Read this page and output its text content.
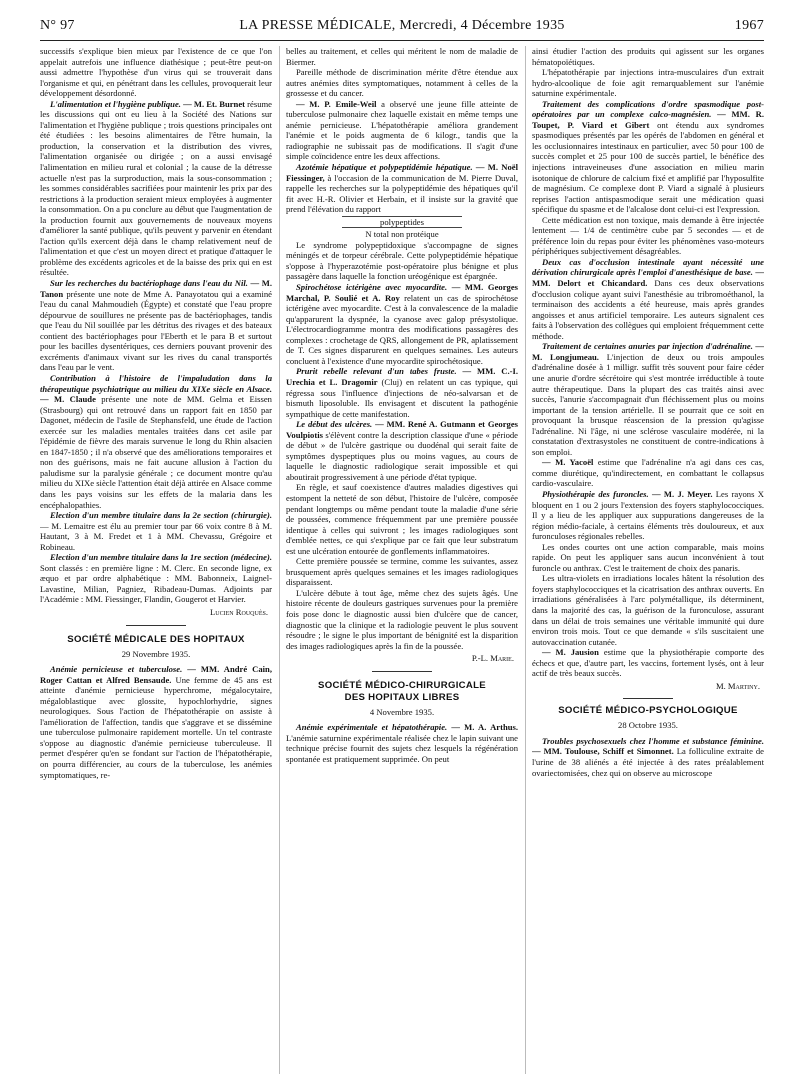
N° 97	LA PRESSE MÉDICALE, Mercredi, 4 Décembre 1935	1967

successifs s'explique bien mieux par l'existence de ce que l'on appelait autrefois une influence diathésique ; peut-être peut-on aussi admettre l'hypothèse d'un virus qui se trouverait dans l'organisme et qui, en pénétrant dans les cellules, provoquerait leur développement désordonné.

L'alimentation et l'hygiène publique. — M. Et. Burnet résume les discussions qui ont eu lieu à la Société des Nations sur l'alimentation et l'hygiène publique ; trois questions principales ont été étudiées : les besoins alimentaires de l'être humain, la production, la conservation et la distribution des vivres, l'alimentation organisée ou dirigée ; on a aussi envisagé l'alimentation en milieu rural et colonial ; la cause de la détresse actuelle n'est pas la surproduction, mais la sous-consommation ; les sommes considérables sacrifiées pour maintenir les prix par des restrictions à la production seraient mieux employées à augmenter la consommation. On a pu conclure au début que l'augmentation de la production fournit aux gouvernements de nouveaux moyens d'améliorer la santé publique, qu'ils peuvent y parvenir en étendant l'action qu'ils exercent déjà dans le champ relativement neuf de l'alimentation et que c'est un moyen direct et pratique d'attaquer le problème des excédents agricoles et de la baisse des prix qui en est résultée.

Sur les recherches du bactériophage dans l'eau du Nil. — M. Tanon présente une note de Mme A. Panayotatou qui a examiné l'eau du canal Mahmoudieh (Égypte) et constaté que l'eau propre dépourvue de souillures ne présente pas de bactériophages, tandis que l'eau du Nil souillée par les détritus des rivages et des bateaux contient des bactériophages pour l'Eberth et le para B et surtout pour les bacilles dysentériques, ces derniers pouvant provenir des excréments d'animaux vivant sur les rives du canal transportés dans l'eau par le vent.

Contribution à l'histoire de l'impaludation dans la thérapeutique psychiatrique au milieu du XIXe siècle en Alsace. — M. Claude présente une note de MM. Gelma et Eissen (Strasbourg) qui ont retrouvé dans un rapport fait en 1850 par Dagonet, médecin de l'asile de Stephansfeld, une étude de l'action exercée sur les maladies mentales traitées dans cet asile par l'épidémie de fièvre des marais survenue le long du Rhin alsacien en 1847-1850 ; il n'a observé que des améliorations temporaires et non des guérisons, mais ne fait aucune allusion à l'action du paludisme sur la paralysie générale ; ce document montre qu'au milieu du XIXe siècle l'attention était déjà attirée en Alsace comme dans les pays voisins sur les effets de la malaria dans les encéphalopathies.

Election d'un membre titulaire dans la 2e section (chirurgie). — M. Lemaitre est élu au premier tour par 66 voix contre 8 à M. Hautant, 3 à M. Fredet et 1 à MM. Chevassu, Grégoire et Robineau.

Election d'un membre titulaire dans la 1re section (médecine). Sont classés : en première ligne : M. Clerc. En seconde ligne, ex æquo et par ordre alphabétique : MM. Babonneix, Laignel-Lavastine, Milian, Pagniez, Ribadeau-Dumas. Adjoints par l'Académie : MM. Fiessinger, Flandin, Gougerot et Harvier.

Lucien Rouquès.

SOCIÉTÉ MÉDICALE DES HOPITAUX

29 Novembre 1935.

Anémie pernicieuse et tuberculose. — MM. André Cain, Roger Cattan et Alfred Bensaude. Une femme de 45 ans est atteinte d'anémie pernicieuse hyperchrome, mégalocytaire, mégaloblastique avec glossite, hypochlorhydrie, signes neurologiques. Sous l'action de l'hépatothérapie on assiste à l'amélioration de l'affection, tandis que s'aggrave et se dissémine une tuberculose pulmonaire rapidement mortelle. Un tel contraste s'oppose au diagnostic d'anémie pernicieuse tuberculeuse. Il permet d'espérer qu'en se fondant sur l'action de l'hépatothérapie, on pourra différencier, au cours de la tuberculose, les anémies symptomatiques, re-

belles au traitement, et celles qui méritent le nom de maladie de Biermer.

Pareille méthode de discrimination mérite d'être étendue aux autres anémies dites symptomatiques, notamment à celles de la grossesse et du cancer.

— M. P. Emile-Weil a observé une jeune fille atteinte de tuberculose pulmonaire chez laquelle existait en même temps une anémie pernicieuse. L'hépatothérapie améliora grandement l'anémie et le poids augmenta de 6 kilogr., tandis que la radiographie ne subissait pas de modifications. Il s'agit d'une simple coïncidence entre les deux affections.

Azotémie hépatique et polypeptidémie hépatique. — M. Noël Fiessinger, à l'occasion de la communication de M. Pierre Duval, rappelle les recherches sur la polypeptidémie des hépatiques qu'il fit avec H.-R. Olivier et Herbain, et il insiste sur la gravité que prend l'élévation du rapport

polypeptides

N total non protéique

Le syndrome polypeptidoxique s'accompagne de signes méningés et de torpeur cérébrale. Cette polypeptidémie hépatique s'oppose à l'hyperazotémie post-opératoire plus bénigne et plus passagère dans laquelle la fonction uréogénique est épargnée.

Spirochétose ictérigène avec myocardite. — MM. Georges Marchal, P. Soulié et A. Roy relatent un cas de spirochétose ictérigène avec myocardite. C'est à la convalescence de la maladie qu'apparurent la dyspnée, la cyanose avec galop présystolique. L'électrocardiogramme montra des modifications passagères des complexes : crochetage de QRS, allongement de PR, aplatissement de T. Ces signes disparurent en quelques semaines. Les auteurs concluent à l'existence d'une myocardite spirochétosique.

Prurit rebelle relevant d'un tabes fruste. — MM. C.-I. Urechia et L. Dragomir (Cluj) en relatent un cas typique, qui régressa sous l'influence d'injections de néo-salvarsan et de bismuth liposoluble. Ils envisagent et discutent la pathogénie sympathique de cette manifestation.

Le début des ulcères. — MM. René A. Gutmann et Georges Voulpiotis s'élèvent contre la description classique d'une « période de début » de l'ulcère gastrique ou duodénal qui serait faite de symptômes dyspeptiques plus ou moins vagues, au cours de laquelle le diagnostic radiologique serait impossible et qui aboutirait progressivement à une période d'état typique.

En règle, et sauf coexistence d'autres maladies digestives qui estompent la netteté de son début, l'histoire de l'ulcère, composée pendant longtemps ou même pendant toute la maladie d'une série de poussées, commence fréquemment par une première poussée identique à celles qui suivront ; les images radiologiques sont d'emblée nettes, ce qui s'explique par ce fait que leur substratum est une ulcération entourée de gonflements inflammatoires.

Cette première poussée se termine, comme les suivantes, assez brusquement après quelques semaines et les images radiologiques disparaissent.

L'ulcère débute à tout âge, même chez des sujets âgés. Une histoire récente de douleurs gastriques survenues pour la première fois pose donc le diagnostic aussi bien d'ulcère que de cancer, diagnostic que la clinique et la radiologie peuvent le plus souvent résoudre ; le signe le plus important de bénignité est la disparition des images radiologiques après la fin de la poussée.

P.-L. Marie.

SOCIÉTÉ MÉDICO-CHIRURGICALE

DES HOPITAUX LIBRES

4 Novembre 1935.

Anémie expérimentale et hépatothérapie. — M. A. Arthus. L'anémie saturnine expérimentale réalisée chez le lapin suivant une technique précise fournit des sujets chez lesquels la régénération spontanée est pratiquement supprimée. On peut

ainsi étudier l'action des produits qui agissent sur les organes hématopoïétiques.

L'hépatothérapie par injections intra-musculaires d'un extrait hydro-alcoolique de foie agit remarquablement sur l'anémie saturnine expérimentale.

Traitement des complications d'ordre spasmodique post-opératoires par un complexe calco-magnésien. — MM. R. Toupet, P. Viard et Gibert ont étendu aux syndromes spasmodiques présentés par les opérés de l'abdomen en général et les occlusionnaires intestinaux en particulier, avec 50 pour 100 de succès complet et 25 pour 100 de succès partiel, le bénéfice des injections intraveineuses d'une association en milieu marin isotonique de chlorure de calcium fixé et amplifié par l'hyposulfite de magnésium. Ce complexe dont P. Viard a signalé à plusieurs reprises l'action antispasmodique serait une médication quasi spécifique du spasme et de l'alcalose dont celui-ci est l'expression.

Cette médication est non toxique, mais demande à être injectée lentement — 1/4 de centimètre cube par 5 secondes — et de préférence loin du repas pour éviter les phénomènes vaso-moteurs périphériques subjectivement désagréables.

Deux cas d'occlusion intestinale ayant nécessité une dérivation chirurgicale après l'emploi d'anesthésique de base. — MM. Delort et Chicandard. Dans ces deux observations d'occlusion colique ayant suivi l'anesthésie au tribromoéthanol, la terminaison des accidents a été heureuse, mais après grandes angoisses et anus artificiel temporaire. Les auteurs signalent ces faits à l'observation des collègues qui emploient fréquemment cette méthode.

Traitement de certaines anuries par injection d'adrénaline. — M. Longjumeau. L'injection de deux ou trois ampoules d'adrénaline dosée à 1 milligr. suffit très souvent pour faire céder une anurie d'ordre sécrétoire qui s'est montrée irréductible à toute autre thérapeutique. Dans la plupart des cas traités ainsi avec succès, l'anurie s'accompagnait d'un fléchissement plus ou moins important de la tension artérielle. Il se pourrait que ce soit en provoquant la brusque réascension de la pression qu'agisse l'adrénaline. Ni l'âge, ni une sclérose vasculaire modérée, ni la constatation d'extrasystoles ne constituent de contre-indications à son emploi.

— M. Yacoël estime que l'adrénaline n'a agi dans ces cas, comme diurétique, qu'indirectement, en combattant le collapsus cardio-vasculaire.

Physiothérapie des furoncles. — M. J. Meyer. Les rayons X bloquent en 1 ou 2 jours l'extension des foyers staphylococciques. Il y a lieu de les appliquer aux suppurations dangereuses de la région médio-faciale, à certains éléments très douloureux, et aux furonculoses régionales rebelles.

Les ondes courtes ont une action comparable, mais moins rapide. On peut les appliquer sans aucun inconvénient à tout furoncle ou anthrax. C'est le traitement de choix des panaris.

Les ultra-violets en irradiations locales hâtent la résolution des foyers staphylococciques et la cicatrisation des anthrax ouverts. En irradiations généralisées à l'arc polymétallique, ils déterminent, dans la majorité des cas, la guérison de la furonculose, assurant dans un délai de trois semaines une véritable immunité qui dure environ trois mois. Tout ce que demande « s'ils suscitaient une autovaccination cutanée.

— M. Jausion estime que la physiothérapie comporte des échecs et que, d'autre part, les vaccins, fortement lysés, ont à leur actif de très beaux succès.

M. Martiny.

SOCIÉTÉ MÉDICO-PSYCHOLOGIQUE

28 Octobre 1935.

Troubles psychosexuels chez l'homme et substance féminine. — MM. Toulouse, Schiff et Simonnet. La folliculine extraite de l'urine de 38 aliénés a été injectée à des rates préalablement ovariectomisées, chez qui on observe au microscope
